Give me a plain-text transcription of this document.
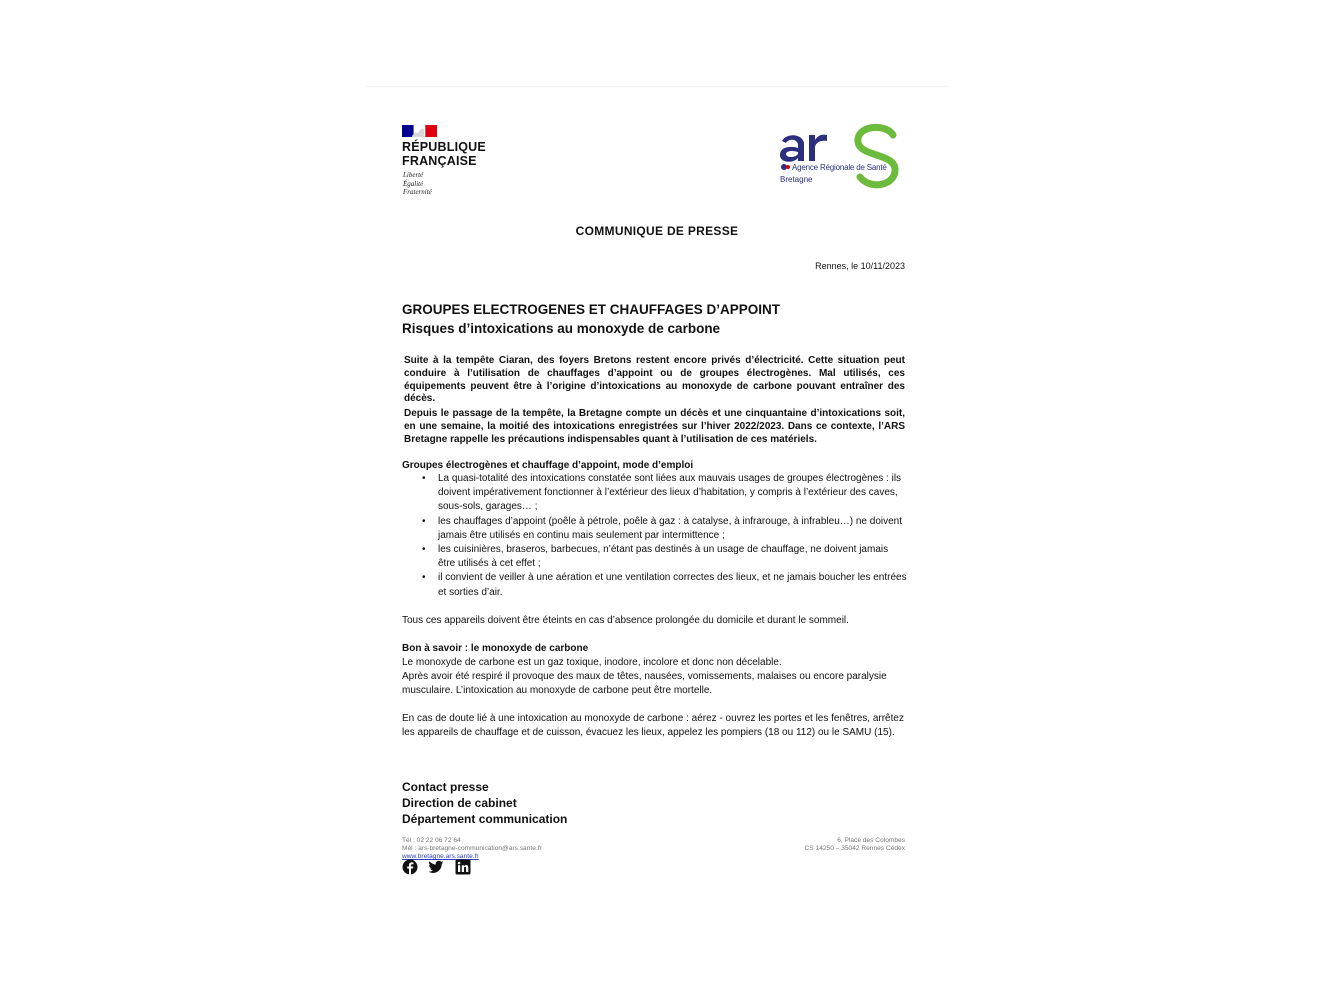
RÉPUBLIQUE
FRANÇAISE
Liberté
Égalité
Fraternité
Agence Régionale de Santé
Bretagne
COMMUNIQUE DE PRESSE
Rennes, le 10/11/2023
GROUPES ELECTROGENES ET CHAUFFAGES D’APPOINT
Risques d’intoxications au monoxyde de carbone
Suite à la tempête Ciaran, des foyers Bretons restent encore privés d’électricité. Cette situation peut conduire à l’utilisation de chauffages d’appoint ou de groupes électrogènes. Mal utilisés, ces équipements peuvent être à l’origine d’intoxications au monoxyde de carbone pouvant entraîner des décès.
Depuis le passage de la tempête, la Bretagne compte un décès et une cinquantaine d’intoxications soit, en une semaine, la moitié des intoxications enregistrées sur l’hiver 2022/2023. Dans ce contexte, l’ARS Bretagne rappelle les précautions indispensables quant à l’utilisation de ces matériels.
Groupes électrogènes et chauffage d’appoint, mode d’emploi
• La quasi-totalité des intoxications constatée sont liées aux mauvais usages de groupes électrogènes : ils doivent impérativement fonctionner à l’extérieur des lieux d’habitation, y compris à l’extérieur des caves, sous-sols, garages… ;
• les chauffages d’appoint (poêle à pétrole, poêle à gaz : à catalyse, à infrarouge, à infrableu…) ne doivent jamais être utilisés en continu mais seulement par intermittence ;
• les cuisinières, braseros, barbecues, n’étant pas destinés à un usage de chauffage, ne doivent jamais être utilisés à cet effet ;
• il convient de veiller à une aération et une ventilation correctes des lieux, et ne jamais boucher les entrées et sorties d’air.
Tous ces appareils doivent être éteints en cas d’absence prolongée du domicile et durant le sommeil.
Bon à savoir : le monoxyde de carbone
Le monoxyde de carbone est un gaz toxique, inodore, incolore et donc non décelable.
Après avoir été respiré il provoque des maux de têtes, nausées, vomissements, malaises ou encore paralysie musculaire. L’intoxication au monoxyde de carbone peut être mortelle.
En cas de doute lié à une intoxication au monoxyde de carbone : aérez - ouvrez les portes et les fenêtres, arrêtez les appareils de chauffage et de cuisson, évacuez les lieux, appelez les pompiers (18 ou 112) ou le SAMU (15).
Contact presse
Direction de cabinet
Département communication
Tél : 02 22 06 72 64
Mél : ars-bretagne-communication@ars.sante.fr
www.bretagne.ars.sante.fr
6, Place des Colombes
CS 14250 – 35042 Rennes Cédex
